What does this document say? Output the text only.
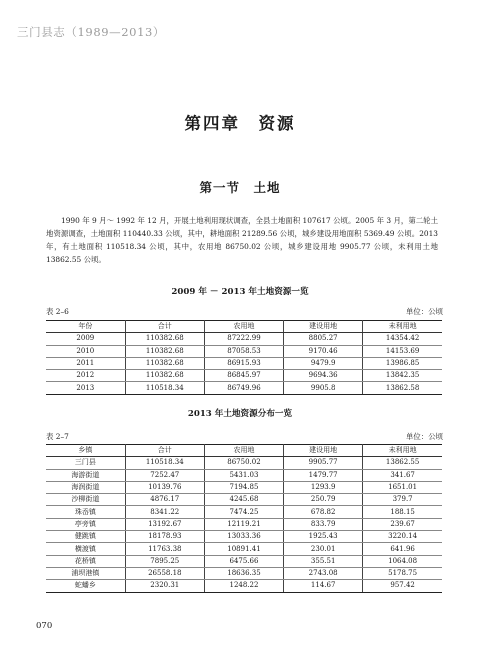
三门县志（1989—2013）
第四章　资源
第一节　土地

1990 年 9 月～ 1992 年 12 月，开展土地利用现状调查，全县土地面积 107617 公顷。2005 年 3 月，第二轮土地资源调查，土地面积 110440.33 公顷，其中，耕地面积 21289.56 公顷，城乡建设用地面积 5369.49 公顷。2013 年，有土地面积 110518.34 公顷，其中，农用地 86750.02 公顷，城乡建设用地 9905.77 公顷，未利用土地 13862.55 公顷。

2009 年 － 2013 年土地资源一览
表 2–6	单位：公顷
年份	合计	农用地	建设用地	未利用地
2009	110382.68	87222.99	8805.27	14354.42
2010	110382.68	87058.53	9170.46	14153.69
2011	110382.68	86915.93	9479.9	13986.85
2012	110382.68	86845.97	9694.36	13842.35
2013	110518.34	86749.96	9905.8	13862.58
2013 年土地资源分布一览
表 2–7	单位：公顷
乡镇	合计	农用地	建设用地	未利用地
三门县	110518.34	86750.02	9905.77	13862.55
海游街道	7252.47	5431.03	1479.77	341.67
海润街道	10139.76	7194.85	1293.9	1651.01
沙柳街道	4876.17	4245.68	250.79	379.7
珠岙镇	8341.22	7474.25	678.82	188.15
亭旁镇	13192.67	12119.21	833.79	239.67
健跳镇	18178.93	13033.36	1925.43	3220.14
横渡镇	11763.38	10891.41	230.01	641.96
花桥镇	7895.25	6475.66	355.51	1064.08
浦坝港镇	26558.18	18636.35	2743.08	5178.75
蛇蟠乡	2320.31	1248.22	114.67	957.42
070
